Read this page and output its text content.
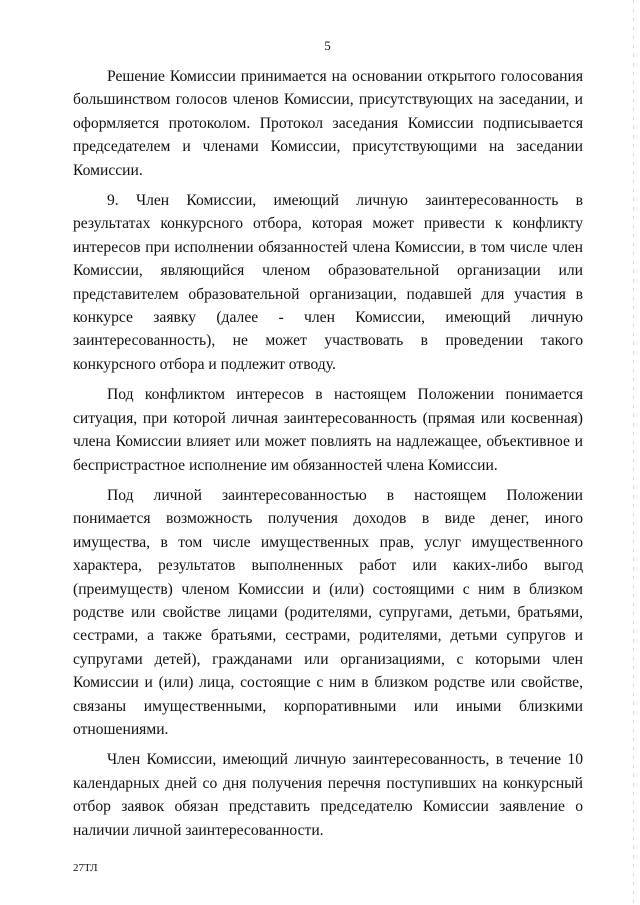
5

Решение Комиссии принимается на основании открытого голосования большинством голосов членов Комиссии, присутствующих на заседании, и оформляется протоколом. Протокол заседания Комиссии подписывается председателем и членами Комиссии, присутствующими на заседании Комиссии.

9. Член Комиссии, имеющий личную заинтересованность в результатах конкурсного отбора, которая может привести к конфликту интересов при исполнении обязанностей члена Комиссии, в том числе член Комиссии, являющийся членом образовательной организации или представителем образовательной организации, подавшей для участия в конкурсе заявку (далее - член Комиссии, имеющий личную заинтересованность), не может участвовать в проведении такого конкурсного отбора и подлежит отводу.

Под конфликтом интересов в настоящем Положении понимается ситуация, при которой личная заинтересованность (прямая или косвенная) члена Комиссии влияет или может повлиять на надлежащее, объективное и беспристрастное исполнение им обязанностей члена Комиссии.

Под личной заинтересованностью в настоящем Положении понимается возможность получения доходов в виде денег, иного имущества, в том числе имущественных прав, услуг имущественного характера, результатов выполненных работ или каких-либо выгод (преимуществ) членом Комиссии и (или) состоящими с ним в близком родстве или свойстве лицами (родителями, супругами, детьми, братьями, сестрами, а также братьями, сестрами, родителями, детьми супругов и супругами детей), гражданами или организациями, с которыми член Комиссии и (или) лица, состоящие с ним в близком родстве или свойстве, связаны имущественными, корпоративными или иными близкими отношениями.

Член Комиссии, имеющий личную заинтересованность, в течение 10 календарных дней со дня получения перечня поступивших на конкурсный отбор заявок обязан представить председателю Комиссии заявление о наличии личной заинтересованности.

27ТЛ
